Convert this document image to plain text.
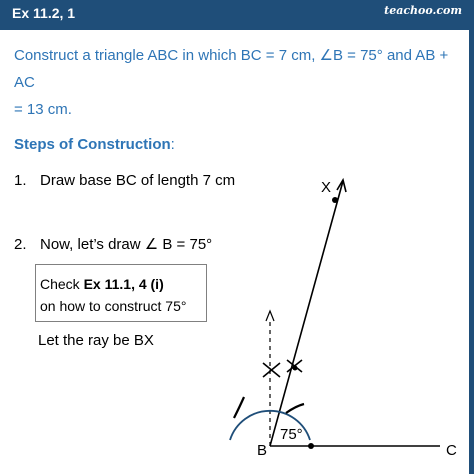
Ex 11.2, 1	teachoo.com
Construct a triangle ABC in which BC = 7 cm, ∠B = 75° and AB + AC
= 13 cm.
Steps of Construction:
1. Draw base BC of length 7 cm
2. Now, let’s draw ∠ B = 75°
Check Ex 11.1, 4 (i)
on how to construct 75°
Let the ray be BX
X
B	C
75°
